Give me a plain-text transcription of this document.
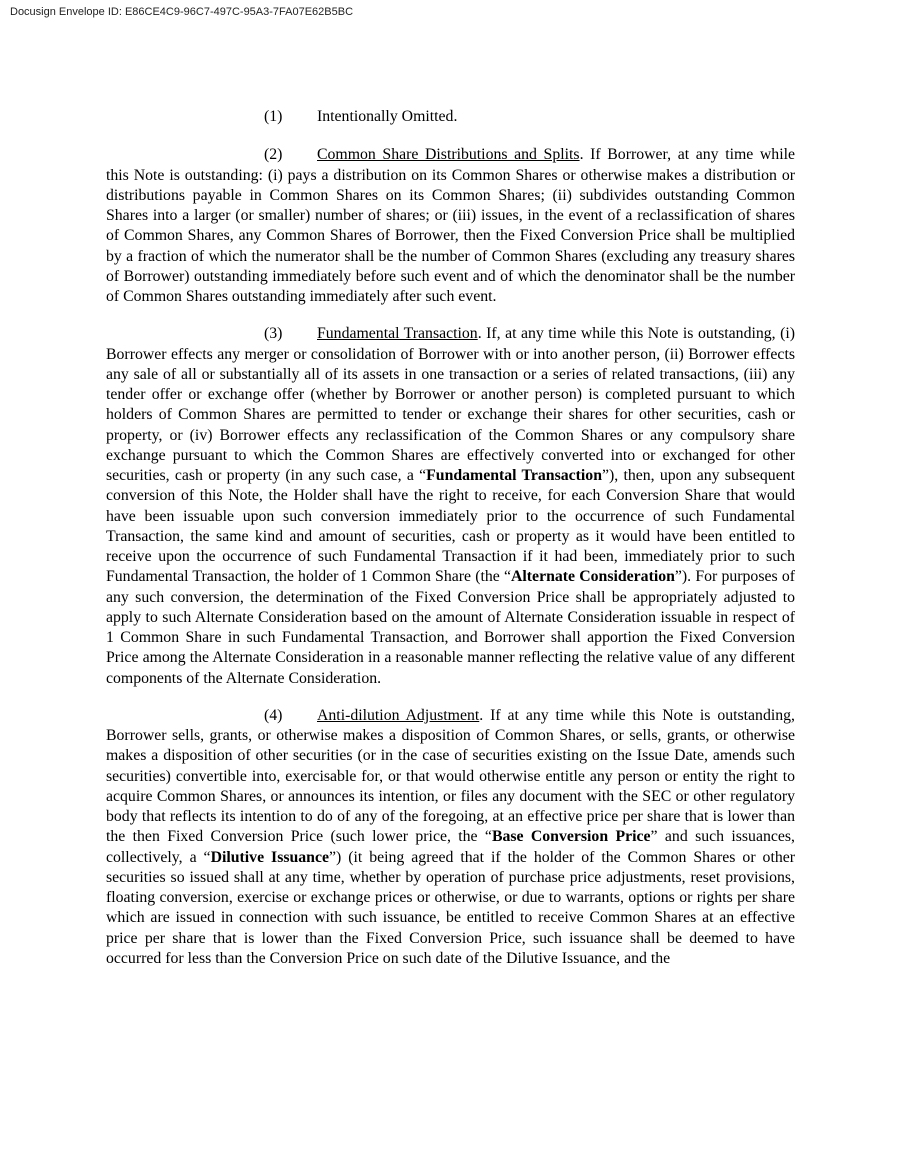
Docusign Envelope ID: E86CE4C9-96C7-497C-95A3-7FA07E62B5BC

(1) Intentionally Omitted.

(2) Common Share Distributions and Splits. If Borrower, at any time while this Note is outstanding: (i) pays a distribution on its Common Shares or otherwise makes a distribution or distributions payable in Common Shares on its Common Shares; (ii) subdivides outstanding Common Shares into a larger (or smaller) number of shares; or (iii) issues, in the event of a reclassification of shares of Common Shares, any Common Shares of Borrower, then the Fixed Conversion Price shall be multiplied by a fraction of which the numerator shall be the number of Common Shares (excluding any treasury shares of Borrower) outstanding immediately before such event and of which the denominator shall be the number of Common Shares outstanding immediately after such event.

(3) Fundamental Transaction. If, at any time while this Note is outstanding, (i) Borrower effects any merger or consolidation of Borrower with or into another person, (ii) Borrower effects any sale of all or substantially all of its assets in one transaction or a series of related transactions, (iii) any tender offer or exchange offer (whether by Borrower or another person) is completed pursuant to which holders of Common Shares are permitted to tender or exchange their shares for other securities, cash or property, or (iv) Borrower effects any reclassification of the Common Shares or any compulsory share exchange pursuant to which the Common Shares are effectively converted into or exchanged for other securities, cash or property (in any such case, a “Fundamental Transaction”), then, upon any subsequent conversion of this Note, the Holder shall have the right to receive, for each Conversion Share that would have been issuable upon such conversion immediately prior to the occurrence of such Fundamental Transaction, the same kind and amount of securities, cash or property as it would have been entitled to receive upon the occurrence of such Fundamental Transaction if it had been, immediately prior to such Fundamental Transaction, the holder of 1 Common Share (the “Alternate Consideration”). For purposes of any such conversion, the determination of the Fixed Conversion Price shall be appropriately adjusted to apply to such Alternate Consideration based on the amount of Alternate Consideration issuable in respect of 1 Common Share in such Fundamental Transaction, and Borrower shall apportion the Fixed Conversion Price among the Alternate Consideration in a reasonable manner reflecting the relative value of any different components of the Alternate Consideration.

(4) Anti-dilution Adjustment. If at any time while this Note is outstanding, Borrower sells, grants, or otherwise makes a disposition of Common Shares, or sells, grants, or otherwise makes a disposition of other securities (or in the case of securities existing on the Issue Date, amends such securities) convertible into, exercisable for, or that would otherwise entitle any person or entity the right to acquire Common Shares, or announces its intention, or files any document with the SEC or other regulatory body that reflects its intention to do of any of the foregoing, at an effective price per share that is lower than the then Fixed Conversion Price (such lower price, the “Base Conversion Price” and such issuances, collectively, a “Dilutive Issuance”) (it being agreed that if the holder of the Common Shares or other securities so issued shall at any time, whether by operation of purchase price adjustments, reset provisions, floating conversion, exercise or exchange prices or otherwise, or due to warrants, options or rights per share which are issued in connection with such issuance, be entitled to receive Common Shares at an effective price per share that is lower than the Fixed Conversion Price, such issuance shall be deemed to have occurred for less than the Conversion Price on such date of the Dilutive Issuance, and the
